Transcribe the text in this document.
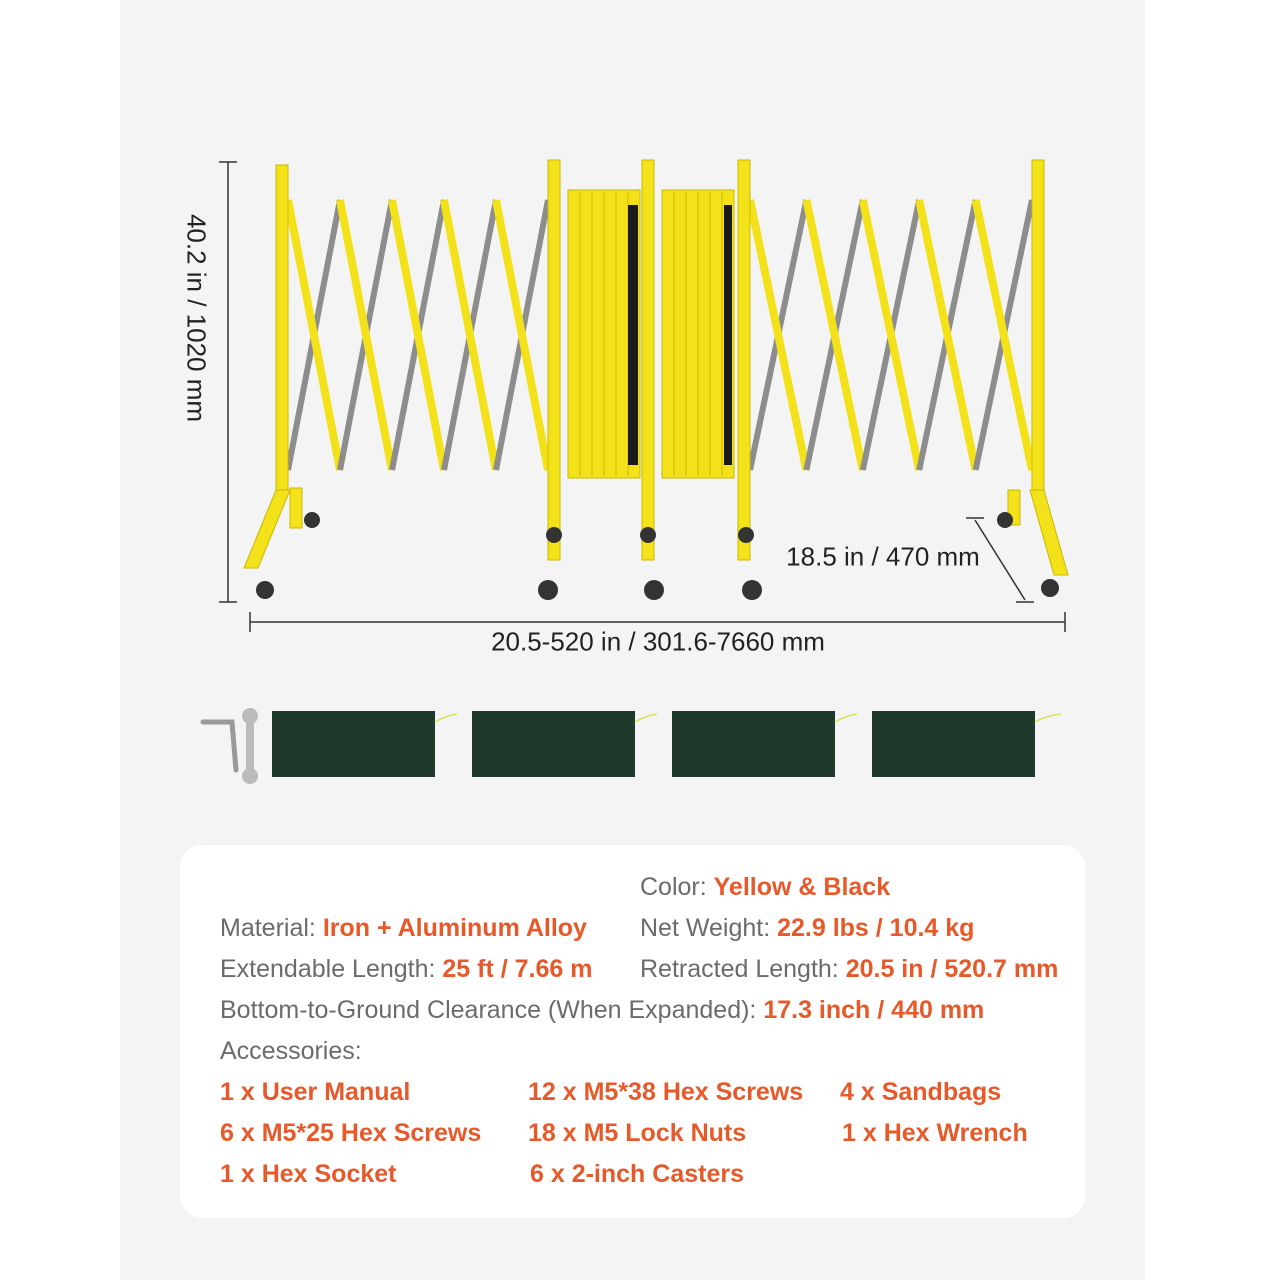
40.2 in / 1020 mm
20.5-520 in / 301.6-7660 mm
18.5 in / 470 mm
Color: Yellow & Black
Material: Iron + Aluminum Alloy Net Weight: 22.9 lbs / 10.4 kg
Extendable Length: 25 ft / 7.66 m Retracted Length: 20.5 in / 520.7 mm
Bottom-to-Ground Clearance (When Expanded): 17.3 inch / 440 mm
Accessories:
1 x User Manual	12 x M5*38 Hex Screws 4 x Sandbags
6 x M5*25 Hex Screws 18 x M5 Lock Nuts	1 x Hex Wrench
1 x Hex Socket	6 x 2-inch Casters
